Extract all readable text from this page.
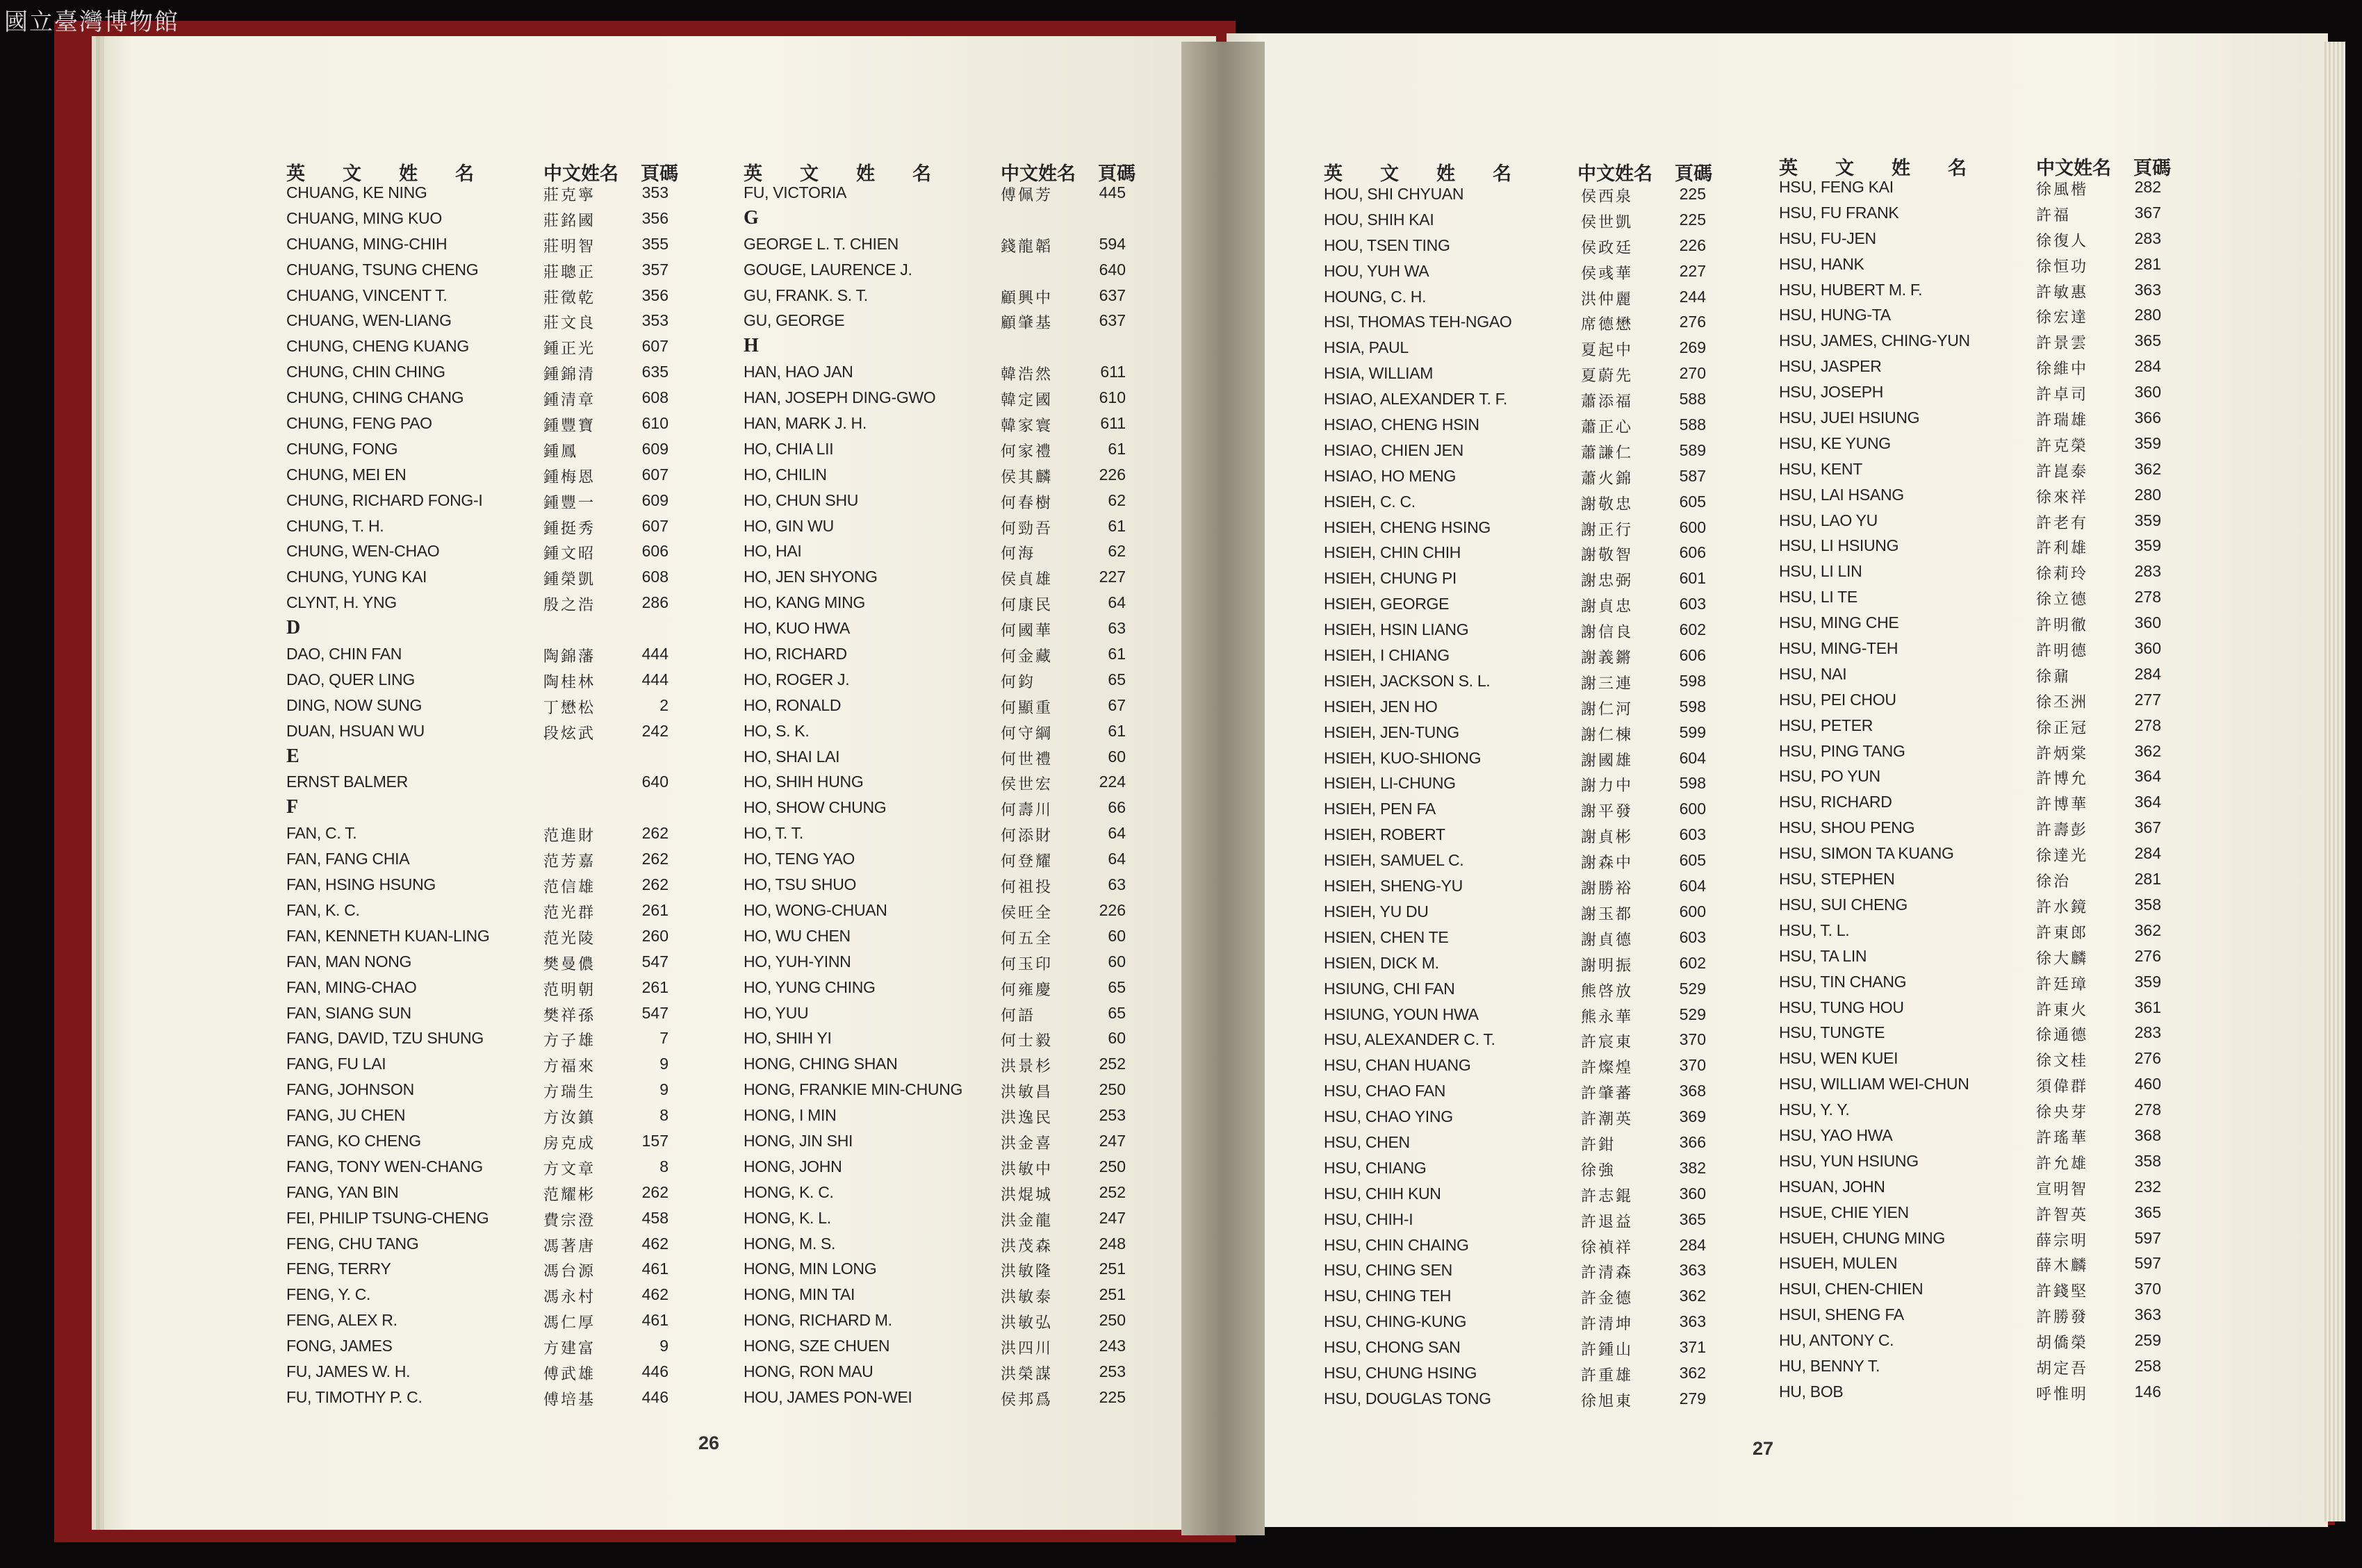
國立臺灣博物館
英　　文　　姓　　名	中文姓名 頁碼
CHUANG, KE NING	莊克寧	353
CHUANG, MING KUO	莊銘國	356
CHUANG, MING-CHIH	莊明智	355
CHUANG, TSUNG CHENG	莊聰正	357
CHUANG, VINCENT T.	莊徵乾	356
CHUANG, WEN-LIANG	莊文良	353
CHUNG, CHENG KUANG	鍾正光	607
CHUNG, CHIN CHING	鍾錦清	635
CHUNG, CHING CHANG	鍾清章	608
CHUNG, FENG PAO	鍾豐寶	610
CHUNG, FONG	鍾鳳	609
CHUNG, MEI EN	鍾梅恩	607
CHUNG, RICHARD FONG-I	鍾豐一	609
CHUNG, T. H.	鍾挺秀	607
CHUNG, WEN-CHAO	鍾文昭	606
CHUNG, YUNG KAI	鍾榮凱	608
CLYNT, H. YNG	殷之浩	286
D
DAO, CHIN FAN	陶錦藩	444
DAO, QUER LING	陶桂林	444
DING, NOW SUNG	丁懋松	2
DUAN, HSUAN WU	段炫武	242
E
ERNST BALMER	640
F
FAN, C. T.	范進財	262
FAN, FANG CHIA	范芳嘉	262
FAN, HSING HSUNG	范信雄	262
FAN, K. C.	范光群	261
FAN, KENNETH KUAN-LING	范光陵	260
FAN, MAN NONG	樊曼儂	547
FAN, MING-CHAO	范明朝	261
FAN, SIANG SUN	樊祥孫	547
FANG, DAVID, TZU SHUNG	方子雄	7
FANG, FU LAI	方福來	9
FANG, JOHNSON	方瑞生	9
FANG, JU CHEN	方汝鎮	8
FANG, KO CHENG	房克成	157
FANG, TONY WEN-CHANG	方文章	8
FANG, YAN BIN	范耀彬	262
FEI, PHILIP TSUNG-CHENG	費宗澄	458
FENG, CHU TANG	馮著唐	462
FENG, TERRY	馮台源	461
FENG, Y. C.	馮永村	462
FENG, ALEX R.	馮仁厚	461
FONG, JAMES	方建富	9
FU, JAMES W. H.	傅武雄	446
FU, TIMOTHY P. C.	傅培基	446
英　　文　　姓　　名	中文姓名 頁碼
FU, VICTORIA	傅佩芳	445
G
GEORGE L. T. CHIEN	錢龍韜	594
GOUGE, LAURENCE J.	640
GU, FRANK. S. T.	顧興中	637
GU, GEORGE	顧肇基	637
H
HAN, HAO JAN	韓浩然	611
HAN, JOSEPH DING-GWO	韓定國	610
HAN, MARK J. H.	韓家寰	611
HO, CHIA LII	何家禮	61
HO, CHILIN	侯其麟	226
HO, CHUN SHU	何春樹	62
HO, GIN WU	何勁吾	61
HO, HAI	何海	62
HO, JEN SHYONG	侯貞雄	227
HO, KANG MING	何康民	64
HO, KUO HWA	何國華	63
HO, RICHARD	何金藏	61
HO, ROGER J.	何鈞	65
HO, RONALD	何顯重	67
HO, S. K.	何守綱	61
HO, SHAI LAI	何世禮	60
HO, SHIH HUNG	侯世宏	224
HO, SHOW CHUNG	何壽川	66
HO, T. T.	何添財	64
HO, TENG YAO	何登耀	64
HO, TSU SHUO	何祖投	63
HO, WONG-CHUAN	侯旺全	226
HO, WU CHEN	何五全	60
HO, YUH-YINN	何玉印	60
HO, YUNG CHING	何雍慶	65
HO, YUU	何語	65
HO, SHIH YI	何士毅	60
HONG, CHING SHAN	洪景杉	252
HONG, FRANKIE MIN-CHUNG 洪敏昌	250
HONG, I MIN	洪逸民	253
HONG, JIN SHI	洪金喜	247
HONG, JOHN	洪敏中	250
HONG, K. C.	洪焜城	252
HONG, K. L.	洪金龍	247
HONG, M. S.	洪茂森	248
HONG, MIN LONG	洪敏隆	251
HONG, MIN TAI	洪敏泰	251
HONG, RICHARD M.	洪敏弘	250
HONG, SZE CHUEN	洪四川	243
HONG, RON MAU	洪榮謀	253
HOU, JAMES PON-WEI	侯邦爲	225
英　　文　　姓　　名	中文姓名 頁碼
HOU, SHI CHYUAN	侯西泉	225
HOU, SHIH KAI	侯世凱	225
HOU, TSEN TING	侯政廷	226
HOU, YUH WA	侯彧華	227
HOUNG, C. H.	洪仲麗	244
HSI, THOMAS TEH-NGAO	席德懋	276
HSIA, PAUL	夏起中	269
HSIA, WILLIAM	夏蔚先	270
HSIAO, ALEXANDER T. F.	蕭添福	588
HSIAO, CHENG HSIN	蕭正心	588
HSIAO, CHIEN JEN	蕭謙仁	589
HSIAO, HO MENG	蕭火錦	587
HSIEH, C. C.	謝敬忠	605
HSIEH, CHENG HSING	謝正行	600
HSIEH, CHIN CHIH	謝敬智	606
HSIEH, CHUNG PI	謝忠弼	601
HSIEH, GEORGE	謝貞忠	603
HSIEH, HSIN LIANG	謝信良	602
HSIEH, I CHIANG	謝義鏘	606
HSIEH, JACKSON S. L.	謝三連	598
HSIEH, JEN HO	謝仁河	598
HSIEH, JEN-TUNG	謝仁棟	599
HSIEH, KUO-SHIONG	謝國雄	604
HSIEH, LI-CHUNG	謝力中	598
HSIEH, PEN FA	謝平發	600
HSIEH, ROBERT	謝貞彬	603
HSIEH, SAMUEL C.	謝森中	605
HSIEH, SHENG-YU	謝勝裕	604
HSIEH, YU DU	謝玉都	600
HSIEN, CHEN TE	謝貞德	603
HSIEN, DICK M.	謝明振	602
HSIUNG, CHI FAN	熊啓放	529
HSIUNG, YOUN HWA	熊永華	529
HSU, ALEXANDER C. T.	許宸東	370
HSU, CHAN HUANG	許燦煌	370
HSU, CHAO FAN	許肇蕃	368
HSU, CHAO YING	許潮英	369
HSU, CHEN	許鉗	366
HSU, CHIANG	徐強	382
HSU, CHIH KUN	許志錕	360
HSU, CHIH-I	許退益	365
HSU, CHIN CHAING	徐禎祥	284
HSU, CHING SEN	許清森	363
HSU, CHING TEH	許金德	362
HSU, CHING-KUNG	許清坤	363
HSU, CHONG SAN	許鍾山	371
HSU, CHUNG HSING	許重雄	362
HSU, DOUGLAS TONG	徐旭東	279
英　　文　　姓　　名	中文姓名 頁碼
HSU, FENG KAI	徐風楷	282
HSU, FU FRANK	許福	367
HSU, FU-JEN	徐復人	283
HSU, HANK	徐恒功	281
HSU, HUBERT M. F.	許敏惠	363
HSU, HUNG-TA	徐宏達	280
HSU, JAMES, CHING-YUN	許景雲	365
HSU, JASPER	徐維中	284
HSU, JOSEPH	許卓司	360
HSU, JUEI HSIUNG	許瑞雄	366
HSU, KE YUNG	許克榮	359
HSU, KENT	許崑泰	362
HSU, LAI HSANG	徐來祥	280
HSU, LAO YU	許老有	359
HSU, LI HSIUNG	許利雄	359
HSU, LI LIN	徐莉玲	283
HSU, LI TE	徐立德	278
HSU, MING CHE	許明徹	360
HSU, MING-TEH	許明德	360
HSU, NAI	徐鼐	284
HSU, PEI CHOU	徐丕洲	277
HSU, PETER	徐正冠	278
HSU, PING TANG	許炳棠	362
HSU, PO YUN	許博允	364
HSU, RICHARD	許博華	364
HSU, SHOU PENG	許壽彭	367
HSU, SIMON TA KUANG	徐達光	284
HSU, STEPHEN	徐治	281
HSU, SUI CHENG	許水鏡	358
HSU, T. L.	許東郎	362
HSU, TA LIN	徐大麟	276
HSU, TIN CHANG	許廷璋	359
HSU, TUNG HOU	許東火	361
HSU, TUNGTE	徐通德	283
HSU, WEN KUEI	徐文桂	276
HSU, WILLIAM WEI-CHUN	須偉群	460
HSU, Y. Y.	徐央芽	278
HSU, YAO HWA	許瑤華	368
HSU, YUN HSIUNG	許允雄	358
HSUAN, JOHN	宣明智	232
HSUE, CHIE YIEN	許智英	365
HSUEH, CHUNG MING	薛宗明	597
HSUEH, MULEN	薛木麟	597
HSUI, CHEN-CHIEN	許錢堅	370
HSUI, SHENG FA	許勝發	363
HU, ANTONY C.	胡僑榮	259
HU, BENNY T.	胡定吾	258
HU, BOB	呼惟明	146
26	27
